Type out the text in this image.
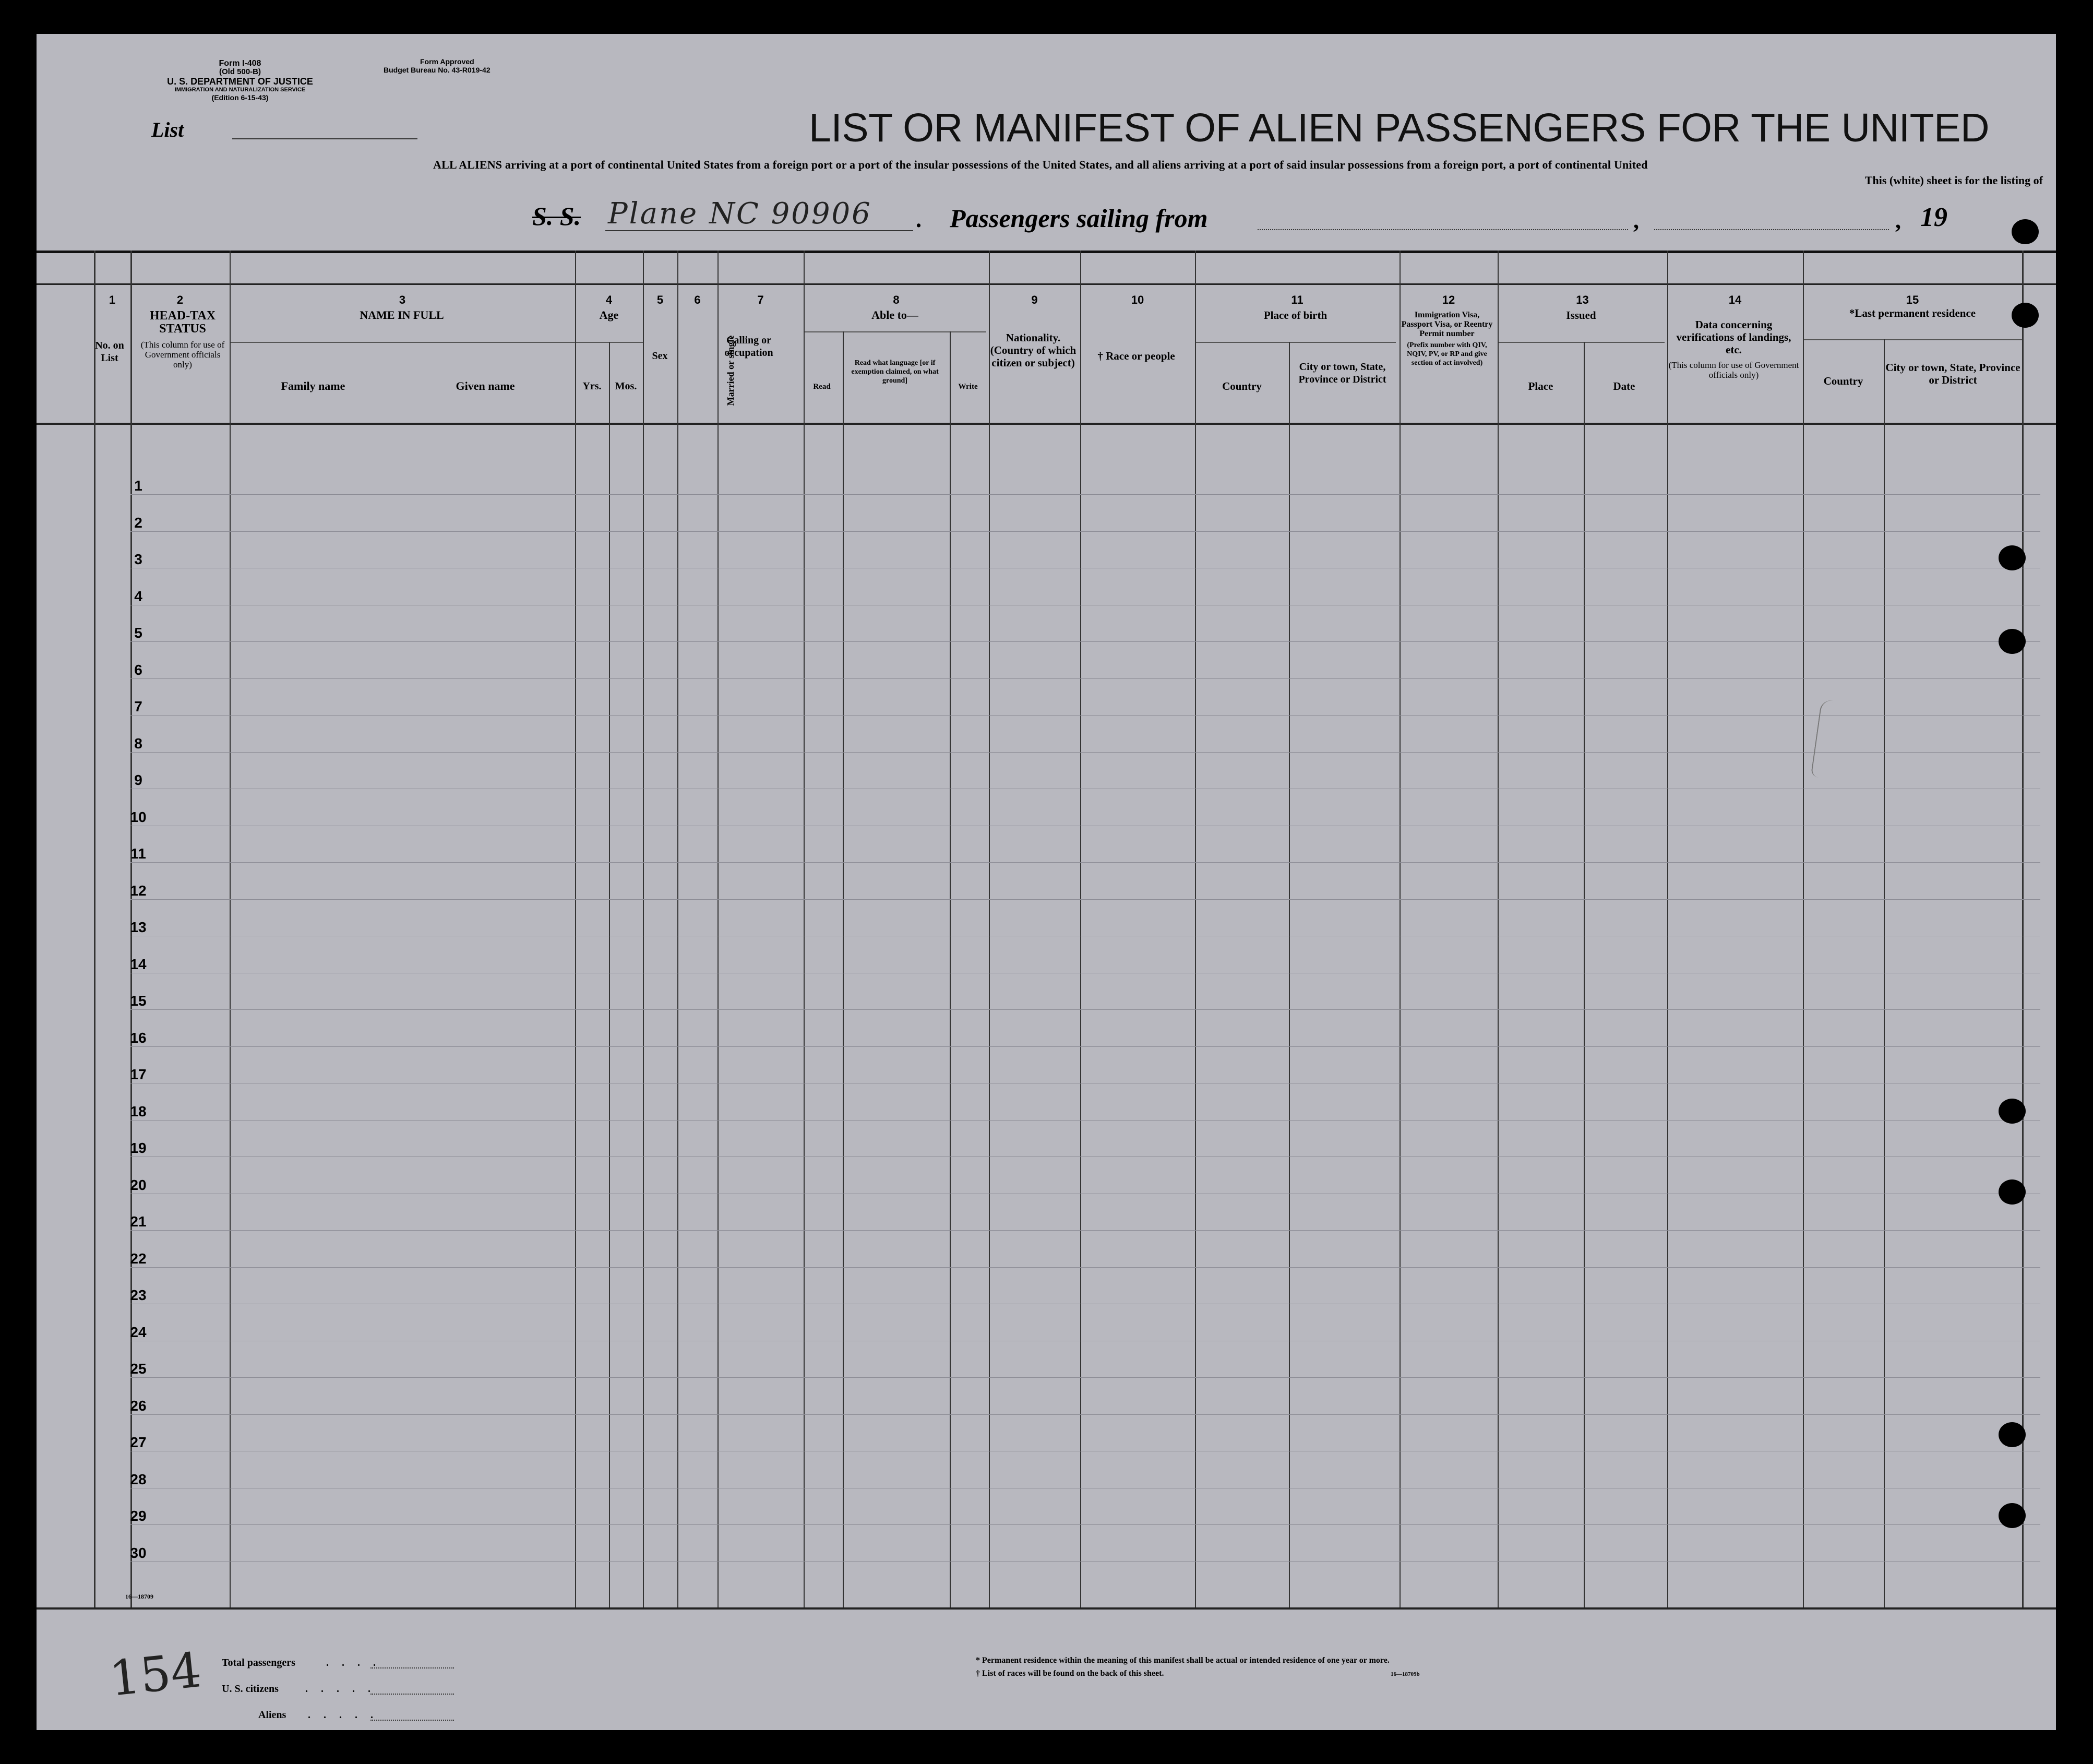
Form I-408
(Old 500-B)
U. S. DEPARTMENT OF JUSTICE
IMMIGRATION AND NATURALIZATION SERVICE
(Edition 6-15-43)
Form Approved
Budget Bureau No. 43-R019-42
List	LIST OR MANIFEST OF ALIEN PASSENGERS FOR THE UNITED
ALL ALIENS arriving at a port of continental United States from a foreign port or a port of the insular possessions of the United States, and all aliens arriving at a port of said insular possessions from a foreign port, a port of continental United
This (white) sheet is for the listing of
S. S. Plane NC 90906 . Passengers sailing from	,	, 19
1	2	3	4	5	6	7	8	9	10	11	12	13	14	15
No. on List
HEAD-TAX STATUS
(This column for use of Government officials only)
NAME IN FULL
Family name	Given name
Age
Yrs.	Mos.
Sex	Married or single
Calling or occupation
Able to—
Read
Read what language [or if exemption claimed, on what ground]
Write
Nationality. (Country of which citizen or subject)
† Race or people
Place of birth
Country
City or town, State, Province or District
Immigration Visa, Passport Visa, or Reentry Permit number
(Prefix number with QIV, NQIV, PV, or RP and give section of act involved)
Issued
Place	Date
Data concerning verifications of landings, etc.
(This column for use of Government officials only)
*Last permanent residence
Country
City or town, State, Province or District
1
2
3
4
5
6
7
8
9
10
11
12
13
14
15
16
17
18
19
20
21
22
23
24
25
26
27
28
29
30
16—18709
154 Total passengers	. . . .
U. S. citizens	. . . . .
Aliens . . . . .
* Permanent residence within the meaning of this manifest shall be actual or intended residence of one year or more.
† List of races will be found on the back of this sheet.	16—18709b
